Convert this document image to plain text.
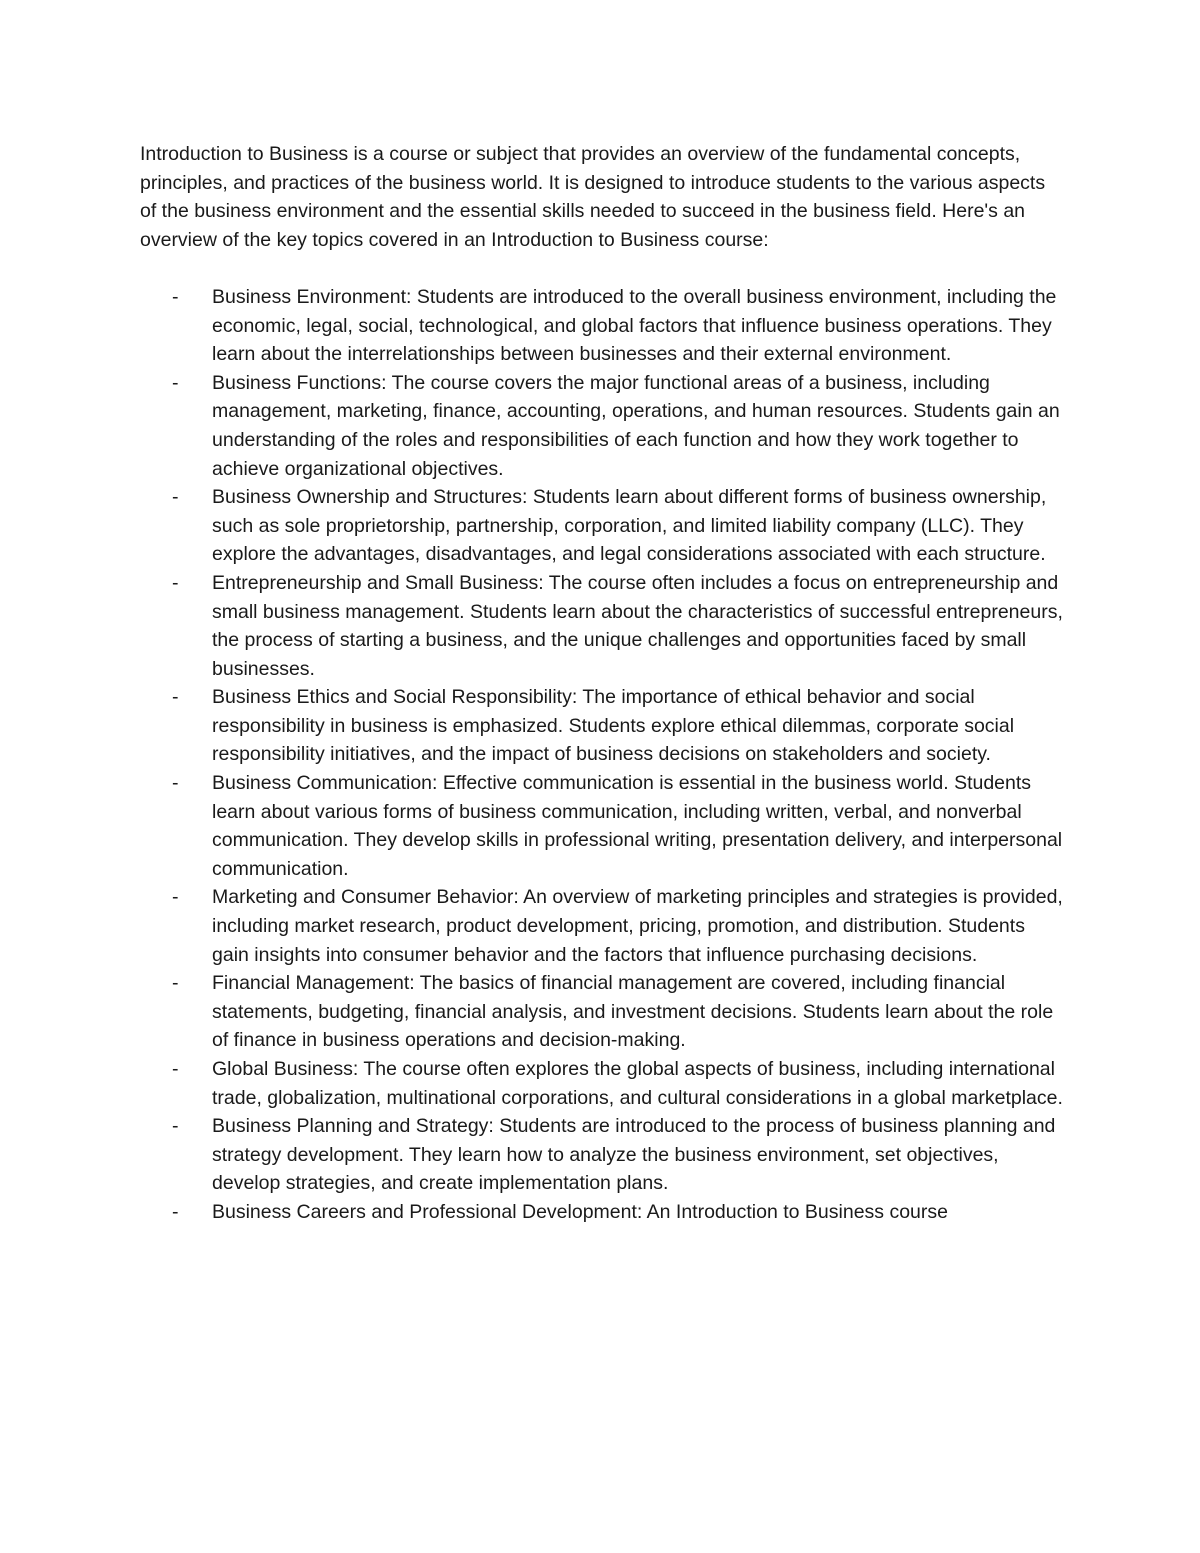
Introduction to Business is a course or subject that provides an overview of the fundamental concepts, principles, and practices of the business world. It is designed to introduce students to the various aspects of the business environment and the essential skills needed to succeed in the business field. Here's an overview of the key topics covered in an Introduction to Business course:

- Business Environment: Students are introduced to the overall business environment, including the economic, legal, social, technological, and global factors that influence business operations. They learn about the interrelationships between businesses and their external environment.
- Business Functions: The course covers the major functional areas of a business, including management, marketing, finance, accounting, operations, and human resources. Students gain an understanding of the roles and responsibilities of each function and how they work together to achieve organizational objectives.
- Business Ownership and Structures: Students learn about different forms of business ownership, such as sole proprietorship, partnership, corporation, and limited liability company (LLC). They explore the advantages, disadvantages, and legal considerations associated with each structure.
- Entrepreneurship and Small Business: The course often includes a focus on entrepreneurship and small business management. Students learn about the characteristics of successful entrepreneurs, the process of starting a business, and the unique challenges and opportunities faced by small businesses.
- Business Ethics and Social Responsibility: The importance of ethical behavior and social responsibility in business is emphasized. Students explore ethical dilemmas, corporate social responsibility initiatives, and the impact of business decisions on stakeholders and society.
- Business Communication: Effective communication is essential in the business world. Students learn about various forms of business communication, including written, verbal, and nonverbal communication. They develop skills in professional writing, presentation delivery, and interpersonal communication.
- Marketing and Consumer Behavior: An overview of marketing principles and strategies is provided, including market research, product development, pricing, promotion, and distribution. Students gain insights into consumer behavior and the factors that influence purchasing decisions.
- Financial Management: The basics of financial management are covered, including financial statements, budgeting, financial analysis, and investment decisions. Students learn about the role of finance in business operations and decision-making.
- Global Business: The course often explores the global aspects of business, including international trade, globalization, multinational corporations, and cultural considerations in a global marketplace.
- Business Planning and Strategy: Students are introduced to the process of business planning and strategy development. They learn how to analyze the business environment, set objectives, develop strategies, and create implementation plans.
- Business Careers and Professional Development: An Introduction to Business course
